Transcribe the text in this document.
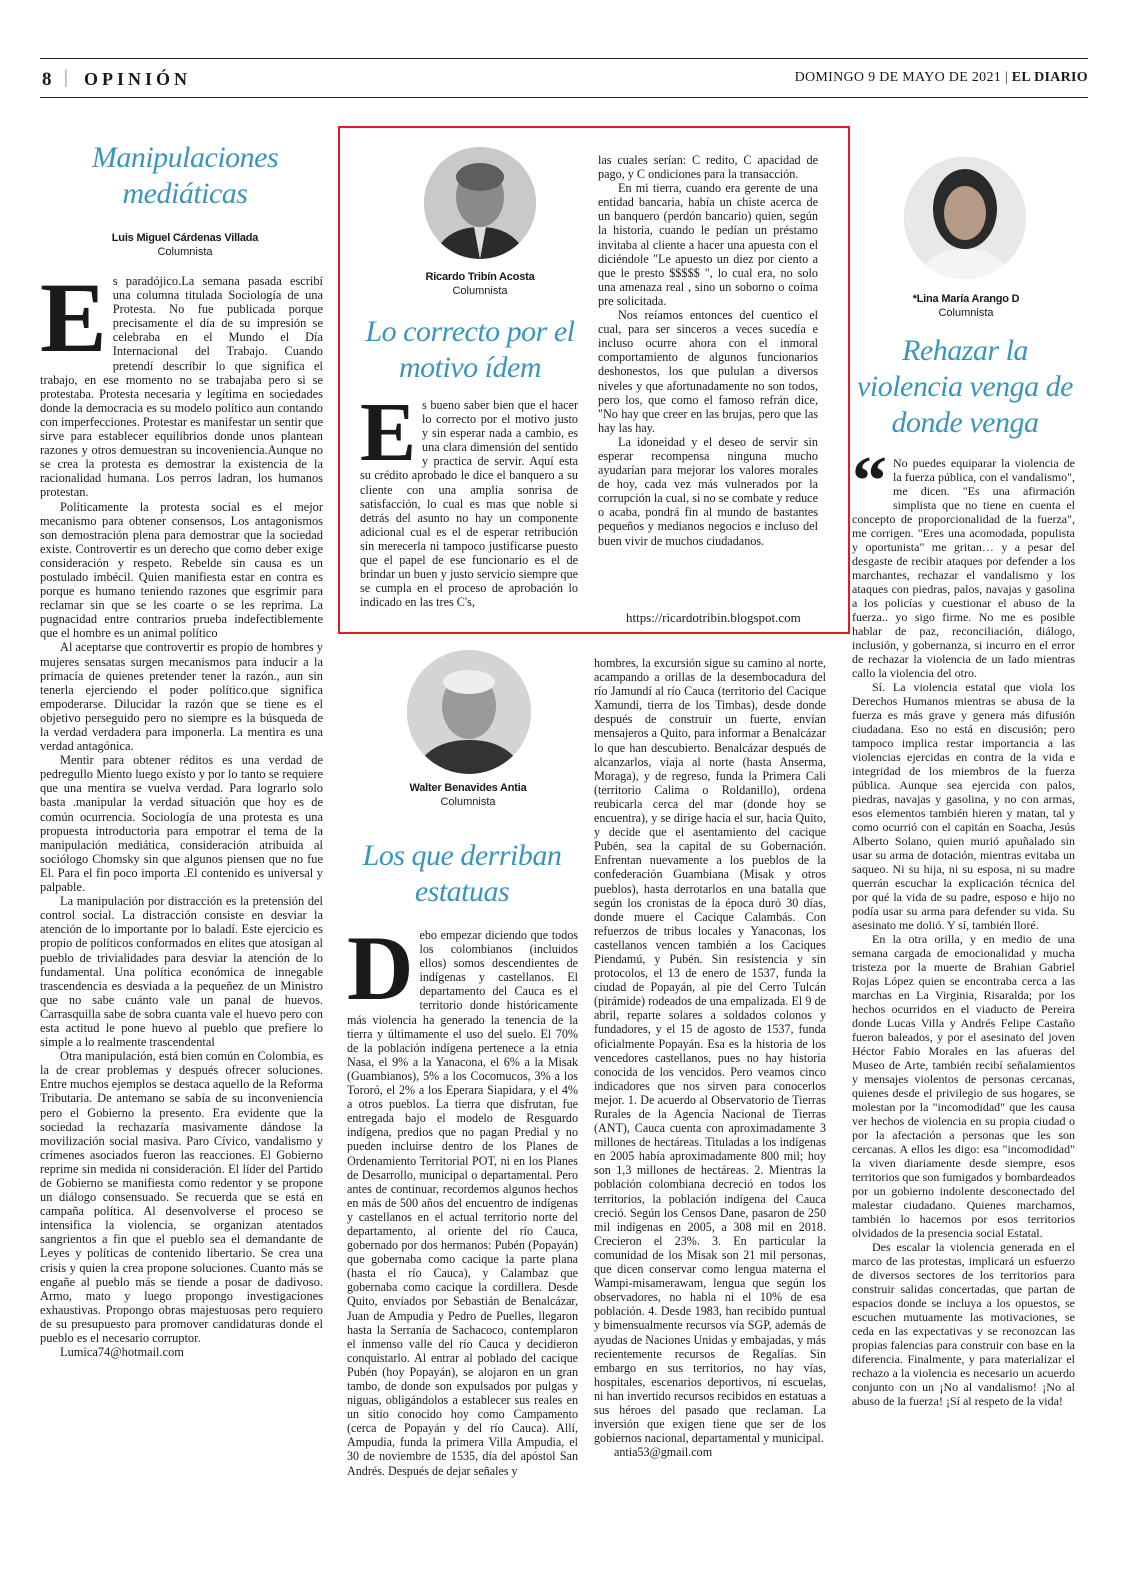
8 | OPINIÓN	DOMINGO 9 DE MAYO DE 2021 | EL DIARIO
Manipulaciones mediáticas
Luis Miguel Cárdenas Villada
Columnista

Es paradójico.La semana pasada escribí una columna titulada Sociología de una Protesta. No fue publicada porque precisamente el día de su impresión se celebraba en el Mundo el Día Internacional del Trabajo. Cuando pretendí describir lo que significa el trabajo, en ese momento no se trabajaba pero si se protestaba. Protesta necesaria y legítima en sociedades donde la democracia es su modelo político aun contando con imperfecciones. Protestar es manifestar un sentir que sirve para establecer equilibrios donde unos plantean razones y otros demuestran su incoveniencia.Aunque no se crea la protesta es demostrar la existencia de la racionalidad humana. Los perros ladran, los humanos protestan.

Políticamente la protesta social es el mejor mecanismo para obtener consensos, Los antagonismos son demostración plena para demostrar que la sociedad existe. Controvertir es un derecho que como deber exige consideración y respeto. Rebelde sin causa es un postulado imbécil. Quien manifiesta estar en contra es porque es humano teniendo razones que esgrimir para reclamar sin que se les coarte o se les reprima. La pugnacidad entre contrarios prueba indefectiblemente que el hombre es un animal político

Al aceptarse que controvertir es propio de hombres y mujeres sensatas surgen mecanismos para inducir a la primacía de quienes pretender tener la razón., aun sin tenerla ejerciendo el poder político.que significa empoderarse. Dilucidar la razón que se tiene es el objetivo perseguido pero no siempre es la búsqueda de la verdad verdadera para imponerla. La mentira es una verdad antagónica.

Mentir para obtener réditos es una verdad de pedregullo Miento luego existo y por lo tanto se requiere que una mentira se vuelva verdad. Para lograrlo solo basta .manipular la verdad situación que hoy es de común ocurrencia. Sociología de una protesta es una propuesta introductoria para empotrar el tema de la manipulación mediática, consideración atribuida al sociólogo Chomsky sin que algunos piensen que no fue El. Para el fin poco importa .El contenido es universal y palpable.

La manipulación por distracción es la pretensión del control social. La distracción consiste en desviar la atención de lo importante por lo baladí. Este ejercicio es propio de políticos conformados en elites que atosigan al pueblo de trivialidades para desviar la atención de lo fundamental. Una política económica de innegable trascendencia es desviada a la pequeñez de un Ministro que no sabe cuánto vale un panal de huevos. Carrasquilla sabe de sobra cuanta vale el huevo pero con esta actitud le pone huevo al pueblo que prefiere lo simple a lo realmente trascendental

Otra manipulación, está bien común en Colombia, es la de crear problemas y después ofrecer soluciones. Entre muchos ejemplos se destaca aquello de la Reforma Tributaria. De antemano se sabía de su inconveniencia pero el Gobierno la presento. Era evidente que la sociedad la rechazaría masivamente dándose la movilización social masiva. Paro Cívico, vandalismo y crímenes asociados fueron las reacciones. El Gobierno reprime sin medida ni consideración. El líder del Partido de Gobierno se manifiesta como redentor y se propone un diálogo consensuado. Se recuerda que se está en campaña política. Al desenvolverse el proceso se intensifica la violencia, se organizan atentados sangrientos a fin que el pueblo sea el demandante de Leyes y políticas de contenido libertario. Se crea una crisis y quien la crea propone soluciones. Cuanto más se engañe al pueblo más se tiende a posar de dadivoso. Armo, mato y luego propongo investigaciones exhaustivas. Propongo obras majestuosas pero requiero de su presupuesto para promover candidaturas donde el pueblo es el necesario corruptor.

Lumica74@hotmail.com

Ricardo Tribín Acosta
Columnista
Lo correcto por el motivo ídem

Es bueno saber bien que el hacer lo correcto por el motivo justo y sin esperar nada a cambio, es una clara dimensión del sentido y practica de servir. Aquí esta su crédito aprobado le dice el banquero a su cliente con una amplia sonrisa de satisfacción, lo cual es mas que noble si detrás del asunto no hay un componente adicional cual es el de esperar retribución sin merecerla ni tampoco justificarse puesto que el papel de ese funcionario es el de brindar un buen y justo servicio siempre que se cumpla en el proceso de aprobación lo indicado en las tres C's,

las cuales serían: C redito, C apacidad de pago, y C ondiciones para la transacción.

En mi tierra, cuando era gerente de una entidad bancaria, había un chiste acerca de un banquero (perdón bancario) quien, según la historia, cuando le pedían un préstamo invitaba al cliente a hacer una apuesta con el diciéndole "Le apuesto un diez por ciento a que le presto $$$$$ ", lo cual era, no solo una amenaza real , sino un soborno o coima pre solicitada.

Nos reíamos entonces del cuentico el cual, para ser sinceros a veces sucedía e incluso ocurre ahora con el inmoral comportamiento de algunos funcionarios deshonestos, los que pululan a diversos niveles y que afortunadamente no son todos, pero los, que como el famoso refrán dice, "No hay que creer en las brujas, pero que las hay las hay.

La idoneidad y el deseo de servir sin esperar recompensa ninguna mucho ayudarían para mejorar los valores morales de hoy, cada vez más vulnerados por la corrupción la cual, si no se combate y reduce o acaba, pondrá fin al mundo de bastantes pequeños y medianos negocios e incluso del buen vivir de muchos ciudadanos.

https://ricardotribin.blogspot.com
Walter Benavides Antia
Columnista
Los que derriban estatuas

Debo empezar diciendo que todos los colombianos (incluidos ellos) somos descendientes de indígenas y castellanos. El departamento del Cauca es el territorio donde históricamente más violencia ha generado la tenencia de la tierra y últimamente el uso del suelo. El 70% de la población indígena pertenece a la etnia Nasa, el 9% a la Yanacona, el 6% a la Misak (Guambianos), 5% a los Cocomucos, 3% a los Tororó, el 2% a los Eperara Siapidara, y el 4% a otros pueblos. La tierra que disfrutan, fue entregada bajo el modelo de Resguardo indígena, predios que no pagan Predial y no pueden incluirse dentro de los Planes de Ordenamiento Territorial POT, ni en los Planes de Desarrollo, municipal o departamental. Pero antes de continuar, recordemos algunos hechos en más de 500 años del encuentro de indígenas y castellanos en el actual territorio norte del departamento, al oriente del río Cauca, gobernado por dos hermanos: Pubén (Popayán) que gobernaba como cacique la parte plana (hasta el río Cauca), y Calambaz que gobernaba como cacique la cordillera. Desde Quito, enviados por Sebastián de Benalcázar, Juan de Ampudia y Pedro de Puelles, llegaron hasta la Serranía de Sachacoco, contemplaron el inmenso valle del río Cauca y decidieron conquistarlo. Al entrar al poblado del cacique Pubén (hoy Popayán), se alojaron en un gran tambo, de donde son expulsados por pulgas y niguas, obligándolos a establecer sus reales en un sitio conocido hoy como Campamento (cerca de Popayán y del río Cauca). Allí, Ampudia, funda la primera Villa Ampudia, el 30 de noviembre de 1535, día del apóstol San Andrés. Después de dejar señales y

hombres, la excursión sigue su camino al norte, acampando a orillas de la desembocadura del río Jamundí al río Cauca (territorio del Cacique Xamundí, tierra de los Timbas), desde donde después de construir un fuerte, envían mensajeros a Quito, para informar a Benalcázar lo que han descubierto. Benalcázar después de alcanzarlos, viaja al norte (hasta Anserma, Moraga), y de regreso, funda la Primera Cali (territorio Calima o Roldanillo), ordena reubicarla cerca del mar (donde hoy se encuentra), y se dirige hacia el sur, hacia Quito, y decide que el asentamiento del cacique Pubén, sea la capital de su Gobernación. Enfrentan nuevamente a los pueblos de la confederación Guambiana (Misak y otros pueblos), hasta derrotarlos en una batalla que según los cronistas de la época duró 30 días, donde muere el Cacique Calambás. Con refuerzos de tribus locales y Yanaconas, los castellanos vencen también a los Caciques Piendamú, y Pubén. Sin resistencia y sin protocolos, el 13 de enero de 1537, funda la ciudad de Popayán, al pie del Cerro Tulcán (pirámide) rodeados de una empalizada. El 9 de abril, reparte solares a soldados colonos y fundadores, y el 15 de agosto de 1537, funda oficialmente Popayán. Esa es la historia de los vencedores castellanos, pues no hay historia conocida de los vencidos. Pero veamos cinco indicadores que nos sirven para conocerlos mejor. 1. De acuerdo al Observatorio de Tierras Rurales de la Agencia Nacional de Tierras (ANT), Cauca cuenta con aproximadamente 3 millones de hectáreas. Tituladas a los indígenas en 2005 había aproximadamente 800 mil; hoy son 1,3 millones de hectáreas. 2. Mientras la población colombiana decreció en todos los territorios, la población indígena del Cauca creció. Según los Censos Dane, pasaron de 250 mil indígenas en 2005, a 308 mil en 2018. Crecieron el 23%. 3. En particular la comunidad de los Misak son 21 mil personas, que dicen conservar como lengua materna el Wampi-misamerawam, lengua que según los observadores, no habla ni el 10% de esa población. 4. Desde 1983, han recibido puntual y bimensualmente recursos vía SGP, además de ayudas de Naciones Unidas y embajadas, y más recientemente recursos de Regalías. Sin embargo en sus territorios, no hay vías, hospitales, escenarios deportivos, ni escuelas, ni han invertido recursos recibidos en estatuas a sus héroes del pasado que reclaman. La inversión que exigen tiene que ser de los gobiernos nacional, departamental y municipal.

antia53@gmail.com

*Lina María Arango D
Columnista
Rehazar la violencia venga de donde venga

“ No puedes equiparar la violencia de la fuerza pública, con el vandalismo", me dicen. "Es una afirmación simplista que no tiene en cuenta el concepto de proporcionalidad de la fuerza", me corrigen. "Eres una acomodada, populista y oportunista" me gritan… y a pesar del desgaste de recibir ataques por defender a los marchantes, rechazar el vandalismo y los ataques con piedras, palos, navajas y gasolina a los policías y cuestionar el abuso de la fuerza.. yo sigo firme. No me es posible hablar de paz, reconciliación, diálogo, inclusión, y gobernanza, si incurro en el error de rechazar la violencia de un lado mientras callo la violencia del otro.

Sí. La violencia estatal que viola los Derechos Humanos mientras se abusa de la fuerza es más grave y genera más difusión ciudadana. Eso no está en discusión; pero tampoco implica restar importancia a las violencias ejercidas en contra de la vida e integridad de los miembros de la fuerza pública. Aunque sea ejercida con palos, piedras, navajas y gasolina, y no con armas, esos elementos también hieren y matan, tal y como ocurrió con el capitán en Soacha, Jesús Alberto Solano, quien murió apuñalado sin usar su arma de dotación, mientras evitaba un saqueo. Ni su hija, ni su esposa, ni su madre querrán escuchar la explicación técnica del por qué la vida de su padre, esposo e hijo no podía usar su arma para defender su vida. Su asesinato me dolió. Y sí, también lloré.

En la otra orilla, y en medio de una semana cargada de emocionalidad y mucha tristeza por la muerte de Brahian Gabriel Rojas López quien se encontraba cerca a las marchas en La Virginia, Risaralda; por los hechos ocurridos en el viaducto de Pereira donde Lucas Villa y Andrés Felipe Castaño fueron baleados, y por el asesinato del joven Héctor Fabio Morales en las afueras del Museo de Arte, también recibí señalamientos y mensajes violentos de personas cercanas, quienes desde el privilegio de sus hogares, se molestan por la "incomodidad" que les causa ver hechos de violencia en su propia ciudad o por la afectación a personas que les son cercanas. A ellos les digo: esa "incomodidad" la viven diariamente desde siempre, esos territorios que son fumigados y bombardeados por un gobierno indolente desconectado del malestar ciudadano. Quienes marchamos, también lo hacemos por esos territorios olvidados de la presencia social Estatal.

Des escalar la violencia generada en el marco de las protestas, implicará un esfuerzo de diversos sectores de los territorios para construir salidas concertadas, que partan de espacios donde se incluya a los opuestos, se escuchen mutuamente las motivaciones, se ceda en las expectativas y se reconozcan las propias falencias para construir con base en la diferencia. Finalmente, y para materializar el rechazo a la violencia es necesario un acuerdo conjunto con un ¡No al vandalismo! ¡No al abuso de la fuerza! ¡Sí al respeto de la vida!
